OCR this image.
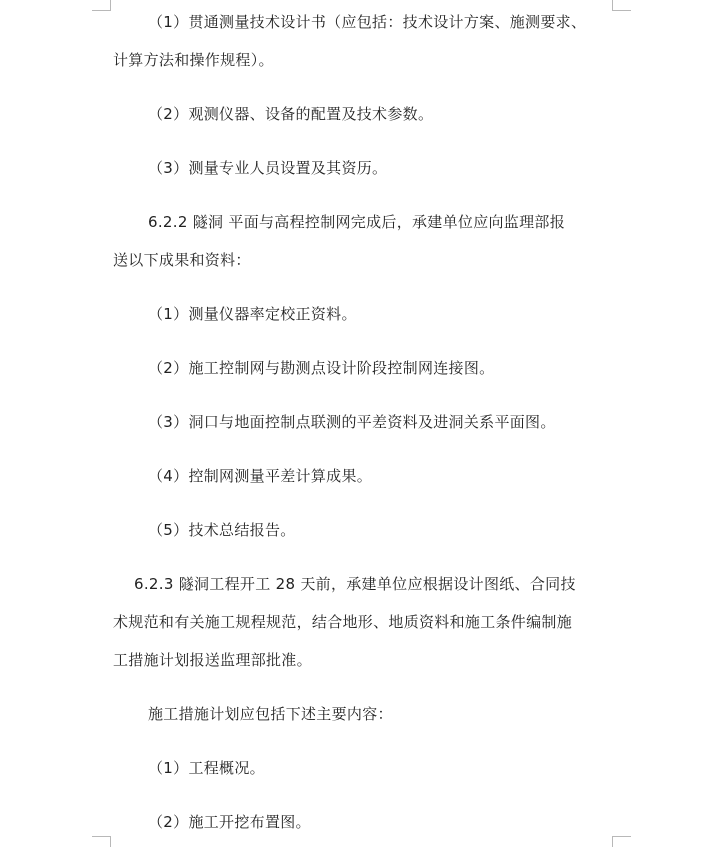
（1）贯通测量技术设计书（应包括：技术设计方案、施测要求、
计算方法和操作规程）。
（2）观测仪器、设备的配置及技术参数。
（3）测量专业人员设置及其资历。
6.2.2 隧洞 平面与高程控制网完成后，承建单位应向监理部报
送以下成果和资料：
（1）测量仪器率定校正资料。
（2）施工控制网与勘测点设计阶段控制网连接图。
（3）洞口与地面控制点联测的平差资料及进洞关系平面图。
（4）控制网测量平差计算成果。
（5）技术总结报告。
6.2.3 隧洞工程开工 28 天前，承建单位应根据设计图纸、合同技
术规范和有关施工规程规范，结合地形、地质资料和施工条件编制施
工措施计划报送监理部批准。
施工措施计划应包括下述主要内容：
（1）工程概况。
（2）施工开挖布置图。
